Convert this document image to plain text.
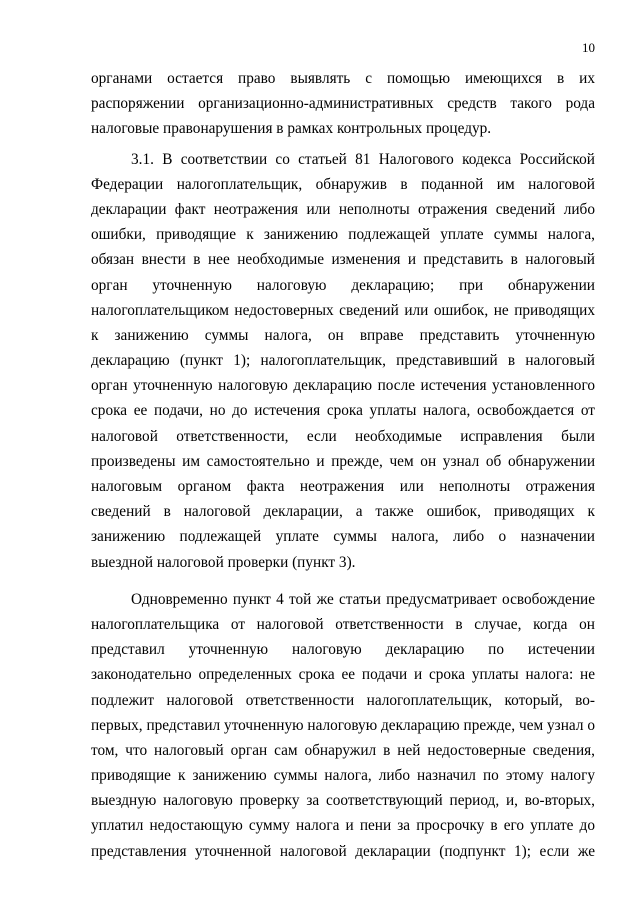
10
органами остается право выявлять с помощью имеющихся в их
распоряжении организационно-административных средств такого рода
налоговые правонарушения в рамках контрольных процедур.
3.1. В соответствии со статьей 81 Налогового кодекса Российской
Федерации налогоплательщик, обнаружив в поданной им налоговой
декларации факт неотражения или неполноты отражения сведений либо
ошибки, приводящие к занижению подлежащей уплате суммы налога,
обязан внести в нее необходимые изменения и представить в налоговый
орган уточненную налоговую декларацию; при обнаружении
налогоплательщиком недостоверных сведений или ошибок, не приводящих
к занижению суммы налога, он вправе представить уточненную
декларацию (пункт 1); налогоплательщик, представивший в налоговый
орган уточненную налоговую декларацию после истечения установленного
срока ее подачи, но до истечения срока уплаты налога, освобождается от
налоговой ответственности, если необходимые исправления были
произведены им самостоятельно и прежде, чем он узнал об обнаружении
налоговым органом факта неотражения или неполноты отражения
сведений в налоговой декларации, а также ошибок, приводящих к
занижению подлежащей уплате суммы налога, либо о назначении
выездной налоговой проверки (пункт 3).
Одновременно пункт 4 той же статьи предусматривает освобождение
налогоплательщика от налоговой ответственности в случае, когда он
представил уточненную налоговую декларацию по истечении
законодательно определенных срока ее подачи и срока уплаты налога: не
подлежит налоговой ответственности налогоплательщик, который, во-
первых, представил уточненную налоговую декларацию прежде, чем узнал о
том, что налоговый орган сам обнаружил в ней недостоверные сведения,
приводящие к занижению суммы налога, либо назначил по этому налогу
выездную налоговую проверку за соответствующий период, и, во-вторых,
уплатил недостающую сумму налога и пени за просрочку в его уплате до
представления уточненной налоговой декларации (подпункт 1); если же
